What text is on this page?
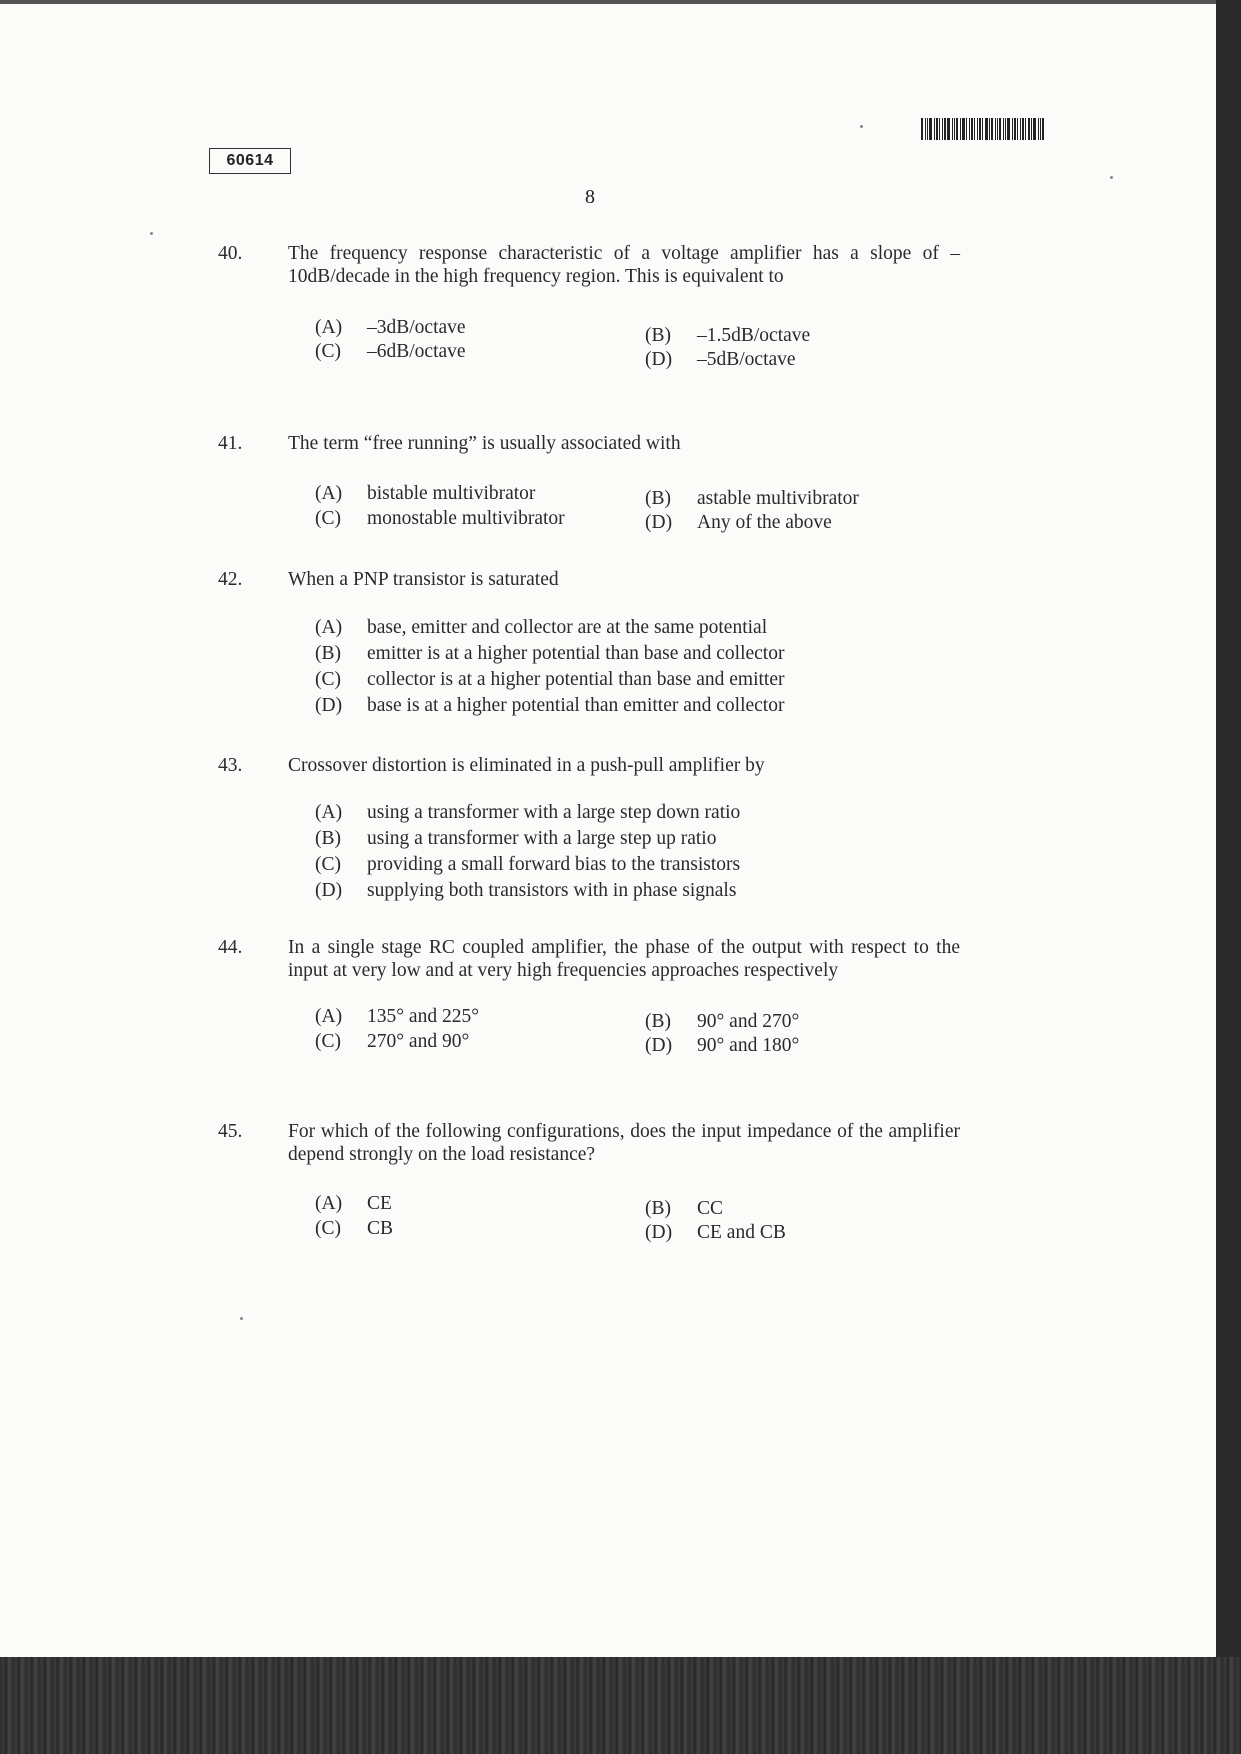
60614
8
40.	The frequency response characteristic of a voltage amplifier has a slope of –10dB/decade in the high frequency region. This is equivalent to
(A)	–3dB/octave	(B)	–1.5dB/octave
(C)	–6dB/octave	(D)	–5dB/octave
41.	The term “free running” is usually associated with
(A)	bistable multivibrator	(B)	astable multivibrator
(C)	monostable multivibrator	(D)	Any of the above
42.	When a PNP transistor is saturated
(A)	base, emitter and collector are at the same potential
(B)	emitter is at a higher potential than base and collector
(C)	collector is at a higher potential than base and emitter
(D)	base is at a higher potential than emitter and collector
43.	Crossover distortion is eliminated in a push-pull amplifier by
(A)	using a transformer with a large step down ratio
(B)	using a transformer with a large step up ratio
(C)	providing a small forward bias to the transistors
(D)	supplying both transistors with in phase signals
44.	In a single stage RC coupled amplifier, the phase of the output with respect to the input at very low and at very high frequencies approaches respectively
(A)	135° and 225°	(B)	90° and 270°
(C)	270° and 90°	(D)	90° and 180°
45.	For which of the following configurations, does the input impedance of the amplifier depend strongly on the load resistance?
(A)	CE	(B)	CC
(C)	CB	(D)	CE and CB
